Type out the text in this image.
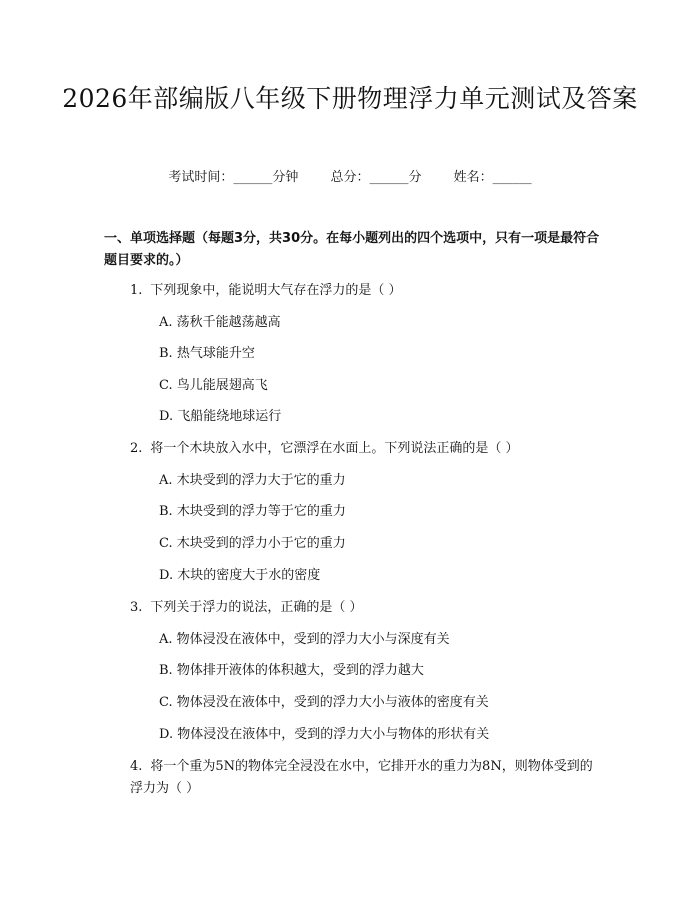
2026年部编版八年级下册物理浮力单元测试及答案
考试时间：______分钟 总分：______分 姓名：______
一、单项选择题（每题3分，共30分。在每小题列出的四个选项中，只有一项是最符合题目要求的。）
1. 下列现象中，能说明大气存在浮力的是（ ）
A. 荡秋千能越荡越高
B. 热气球能升空
C. 鸟儿能展翅高飞
D. 飞船能绕地球运行
2. 将一个木块放入水中，它漂浮在水面上。下列说法正确的是（ ）
A. 木块受到的浮力大于它的重力
B. 木块受到的浮力等于它的重力
C. 木块受到的浮力小于它的重力
D. 木块的密度大于水的密度
3. 下列关于浮力的说法，正确的是（ ）
A. 物体浸没在液体中，受到的浮力大小与深度有关
B. 物体排开液体的体积越大，受到的浮力越大
C. 物体浸没在液体中，受到的浮力大小与液体的密度有关
D. 物体浸没在液体中，受到的浮力大小与物体的形状有关
4. 将一个重为5N的物体完全浸没在水中，它排开水的重力为8N，则物体受到的浮力为（ ）
